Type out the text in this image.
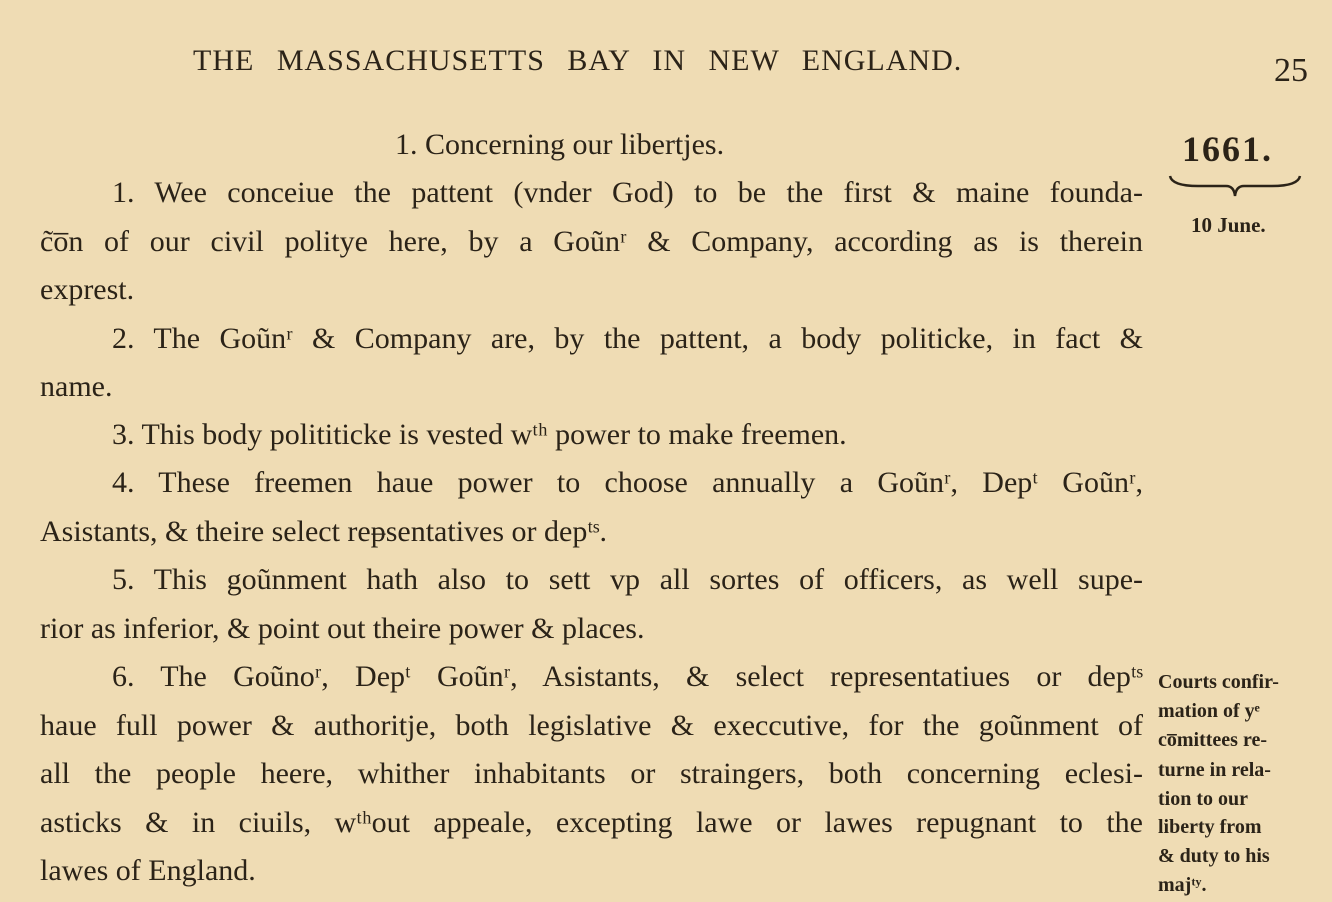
THE MASSACHUSETTS BAY IN NEW ENGLAND.	25
1. Concerning our libertjes.	1661.
10 June.
1. Wee conceiue the pattent (vnder God) to be the first & maine founda-
c̃o̅n of our civil politye here, by a Goũnʳ & Company, according as is therein
exprest.
2. The Goũnʳ & Company are, by the pattent, a body politicke, in fact &
name.
3. This body polititicke is vested wᵗʰ power to make freemen.
4. These freemen haue power to choose annually a Goũnʳ, Depᵗ Goũnʳ,
Asistants, & theire select reᵽsentatives or depᵗˢ.
5. This goũnment hath also to sett vp all sortes of officers, as well supe-
rior as inferior, & point out theire power & places.
6. The Goũnoʳ, Depᵗ Goũnʳ, Asistants, & select representatiues or depᵗˢ
haue full power & authoritje, both legislative & execcutive, for the goũnment of
all the people heere, whither inhabitants or straingers, both concerning eclesi-
asticks & in ciuils, wᵗʰout appeale, excepting lawe or lawes repugnant to the
lawes of England.
Courts confir-
mation of yᵉ
co̅mittees re-
turne in rela-
tion to our
liberty from
& duty to his
majᵗʸ.
